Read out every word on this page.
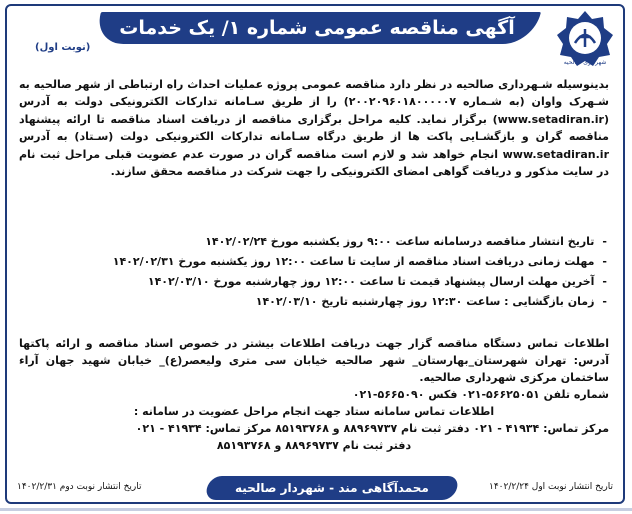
آگهی مناقصه عمومی شماره ۱/ یک خدمات
(نوبت اول)
شهرداری صالحیه

بدینوسیله شـهرداری صالحیه در نظر دارد مناقصه عمومی پروژه عملیات احداث راه ارتباطی از شهر صالحیه به شـهرک واوان (به شـماره ۲۰۰۲۰۹۶۰۱۸۰۰۰۰۰۷) را از طریق سـامانه تدارکات الکترونیکی دولت به آدرس (www.setadiran.ir) برگزار نماید. کلیه مراحل برگزاری مناقصه از دریافت اسناد مناقصه تا ارائه پیشنهاد مناقصه گران و بازگشـایی پاکت ها از طریق درگاه سـامانه تدارکات الکترونیکی دولت (سـتاد) به آدرس www.setadiran.ir انجام خواهد شد و لازم است مناقصه گران در صورت عدم عضویت قبلی مراحل ثبت نام در سایت مذکور و دریافت گواهی امضای الکترونیکی را جهت شرکت در مناقصه محقق سازند.

-
تاریخ انتشار مناقصه درسامانه ساعت ۹:۰۰ روز یکشنبه مورخ ۱۴۰۲/۰۲/۲۴
-
مهلت زمانی دریافت اسناد مناقصه از سایت تا ساعت ۱۲:۰۰ روز یکشنبه مورخ ۱۴۰۲/۰۲/۳۱
-
آخرین مهلت ارسال پیشنهاد قیمت تا ساعت ۱۲:۰۰ روز چهارشنبه مورخ ۱۴۰۲/۰۳/۱۰
-
زمان بازگشایی : ساعت ۱۲:۳۰ روز چهارشنبه تاریخ ۱۴۰۲/۰۳/۱۰

اطلاعات تماس دستگاه مناقصه گزار جهت دریافت اطلاعات بیشتر در خصوص اسناد مناقصه و ارائه پاکتها آدرس: تهران شهرستان_بهارستان_ شهر صالحیه خیابان سی متری ولیعصر(ع)_ خیابان شهید جهان آراء ساختمان مرکزی شهرداری صالحیه.

شماره تلفن ۵۶۶۲۵۰۵۱-۰۲۱ فکس ۵۶۶۵۰۹۰-۰۲۱

اطلاعات تماس سامانه ستاد جهت انجام مراحل عضویت در سامانه :

مرکز تماس: ۴۱۹۳۴ - ۰۲۱ دفتر ثبت نام ۸۸۹۶۹۷۳۷ و ۸۵۱۹۳۷۶۸ مرکز تماس: ۴۱۹۳۴ - ۰۲۱

دفتر ثبت نام ۸۸۹۶۹۷۳۷ و ۸۵۱۹۳۷۶۸

تاریخ انتشار نوبت اول ۱۴۰۲/۲/۲۴
محمدآگاهی مند - شهردار صالحیه
تاریخ انتشار نوبت دوم ۱۴۰۲/۲/۳۱
